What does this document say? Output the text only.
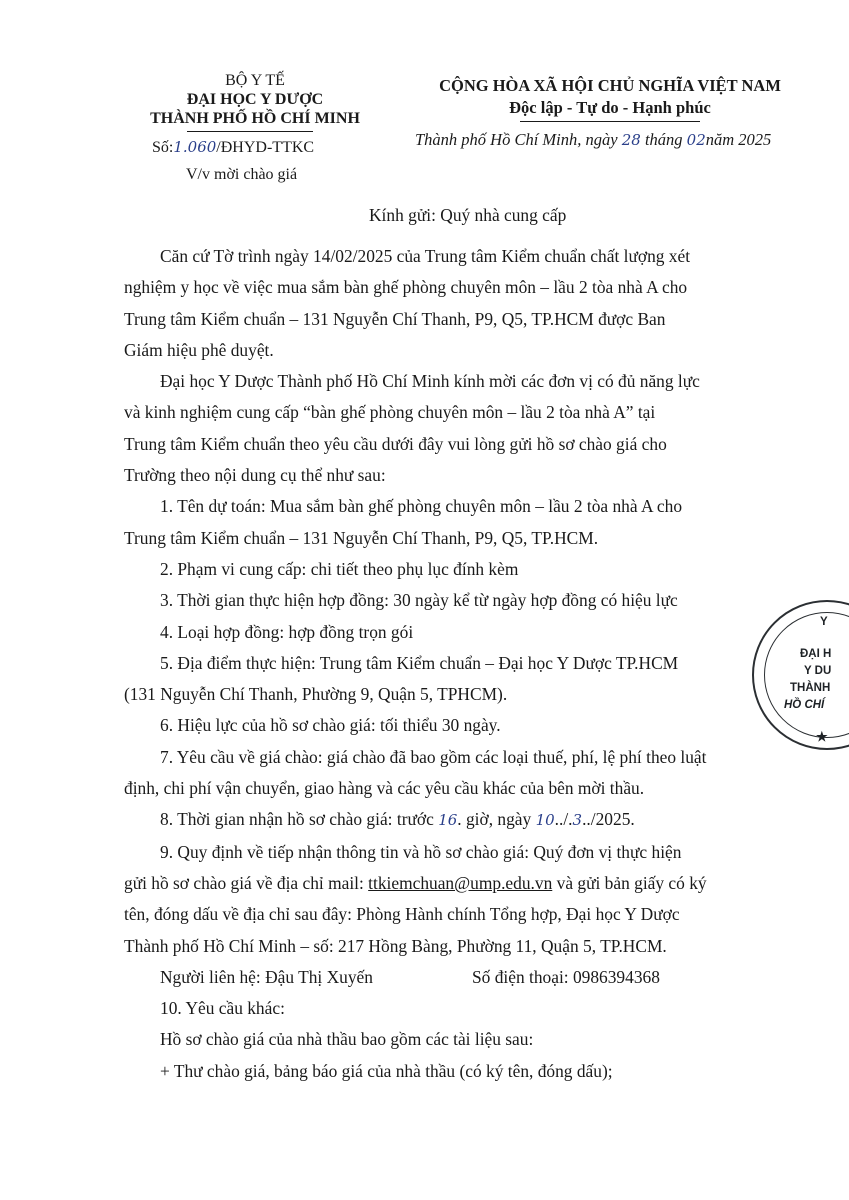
BỘ Y TẾ
ĐẠI HỌC Y DƯỢC
THÀNH PHỐ HỒ CHÍ MINH
Số:1.060/ĐHYD-TTKC
V/v mời chào giá
CỘNG HÒA XÃ HỘI CHỦ NGHĨA VIỆT NAM
Độc lập - Tự do - Hạnh phúc
Thành phố Hồ Chí Minh, ngày 28 tháng 02năm 2025
Kính gửi: Quý nhà cung cấp

Căn cứ Tờ trình ngày 14/02/2025 của Trung tâm Kiểm chuẩn chất lượng xét

nghiệm y học về việc mua sắm bàn ghế phòng chuyên môn – lầu 2 tòa nhà A cho

Trung tâm Kiểm chuẩn – 131 Nguyễn Chí Thanh, P9, Q5, TP.HCM được Ban

Giám hiệu phê duyệt.

Đại học Y Dược Thành phố Hồ Chí Minh kính mời các đơn vị có đủ năng lực

và kinh nghiệm cung cấp “bàn ghế phòng chuyên môn – lầu 2 tòa nhà A” tại

Trung tâm Kiểm chuẩn theo yêu cầu dưới đây vui lòng gửi hồ sơ chào giá cho

Trường theo nội dung cụ thể như sau:

1. Tên dự toán: Mua sắm bàn ghế phòng chuyên môn – lầu 2 tòa nhà A cho

Trung tâm Kiểm chuẩn – 131 Nguyễn Chí Thanh, P9, Q5, TP.HCM.

2. Phạm vi cung cấp: chi tiết theo phụ lục đính kèm

3. Thời gian thực hiện hợp đồng: 30 ngày kể từ ngày hợp đồng có hiệu lực

4. Loại hợp đồng: hợp đồng trọn gói

5. Địa điểm thực hiện: Trung tâm Kiểm chuẩn – Đại học Y Dược TP.HCM

(131 Nguyễn Chí Thanh, Phường 9, Quận 5, TPHCM).

6. Hiệu lực của hồ sơ chào giá: tối thiểu 30 ngày.

7. Yêu cầu về giá chào: giá chào đã bao gồm các loại thuế, phí, lệ phí theo luật

định, chi phí vận chuyển, giao hàng và các yêu cầu khác của bên mời thầu.

8. Thời gian nhận hồ sơ chào giá: trước 16. giờ, ngày 10../.3../2025.

9. Quy định về tiếp nhận thông tin và hồ sơ chào giá: Quý đơn vị thực hiện

gửi hồ sơ chào giá về địa chỉ mail: ttkiemchuan@ump.edu.vn và gửi bản giấy có ký

tên, đóng dấu về địa chỉ sau đây: Phòng Hành chính Tổng hợp, Đại học Y Dược

Thành phố Hồ Chí Minh – số: 217 Hồng Bàng, Phường 11, Quận 5, TP.HCM.

Người liên hệ: Đậu Thị Xuyến	Số điện thoại: 0986394368

10. Yêu cầu khác:

Hồ sơ chào giá của nhà thầu bao gồm các tài liệu sau:

+ Thư chào giá, bảng báo giá của nhà thầu (có ký tên, đóng dấu);

Y
ĐẠI H
Y DU
THÀNH
HỒ CHÍ
★
